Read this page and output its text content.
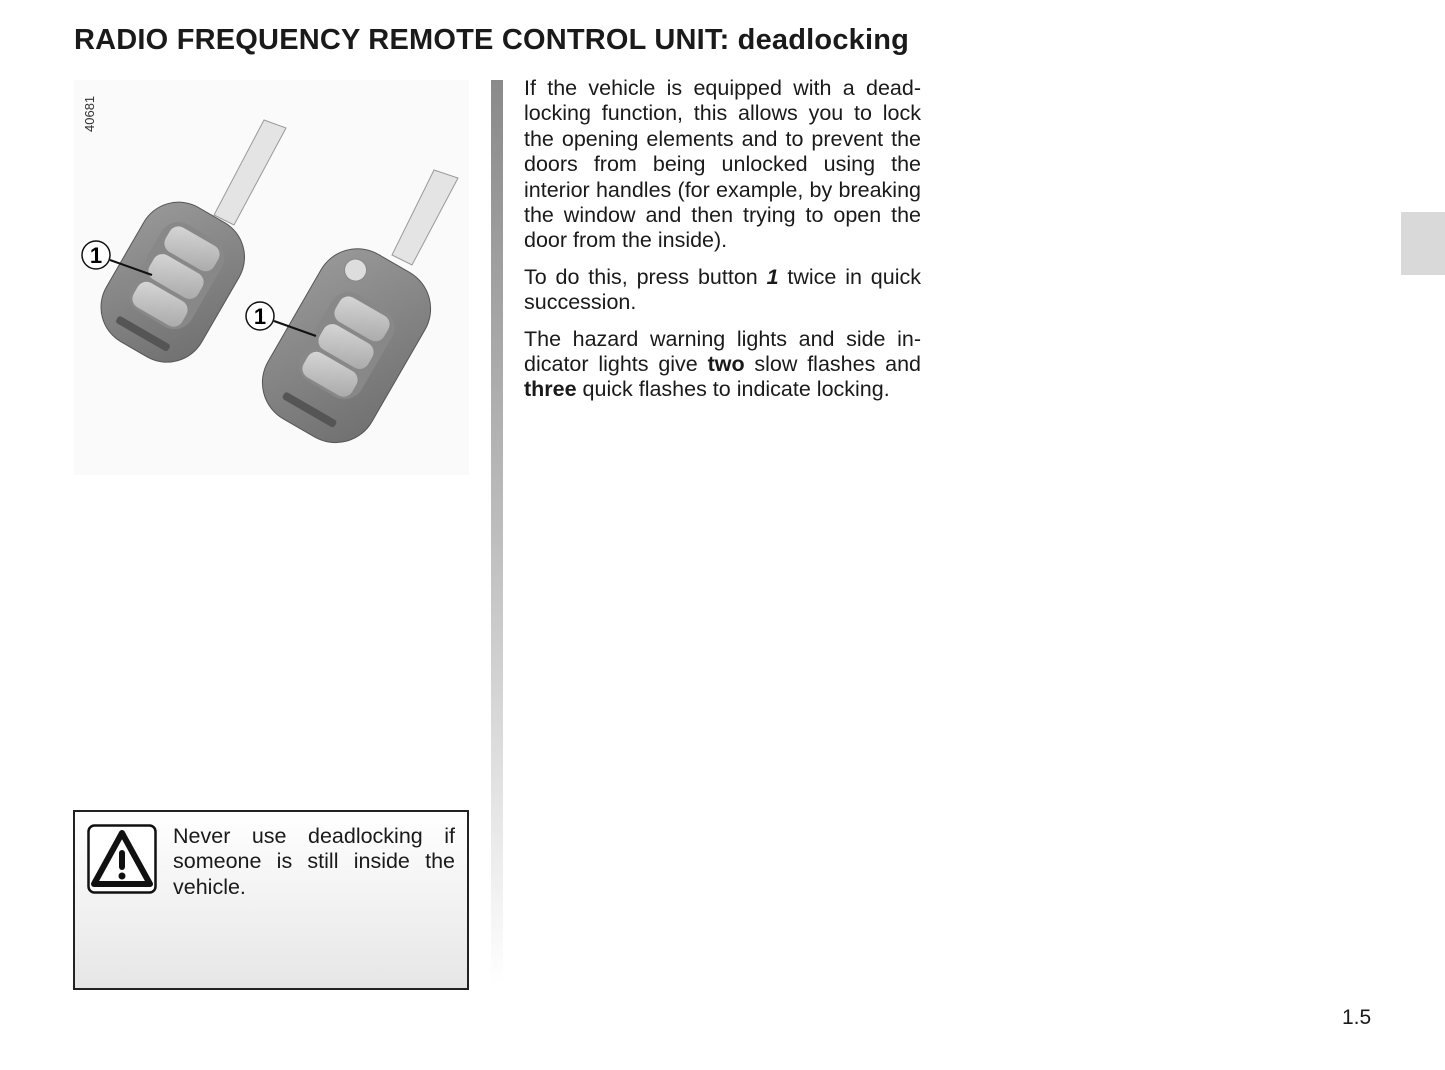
RADIO FREQUENCY REMOTE CONTROL UNIT: deadlocking
1
1
40681

If the vehicle is equipped with a dead-locking function, this allows you to lock the opening elements and to prevent the doors from being unlocked using the interior handles (for example, by breaking the window and then trying to open the door from the inside).

To do this, press button 1 twice in quick succession.

The hazard warning lights and side in-dicator lights give two slow flashes and three quick flashes to indicate locking.

Never use deadlocking if someone is still inside the vehicle.
1.5
